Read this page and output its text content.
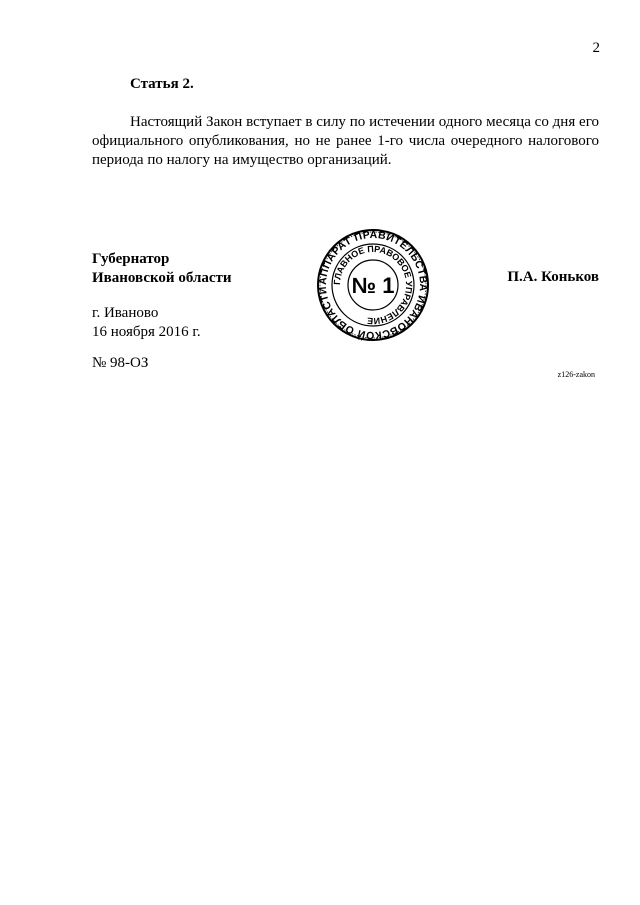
2
Статья 2.
Настоящий Закон вступает в силу по истечении одного месяца со дня его официального опубликования, но не ранее 1-го числа очередного налогового периода по налогу на имущество организаций.
Губернатор
Ивановской области	АППАРАТ ПРАВИТЕЛЬСТВА ИВАНОВСКОЙ ОБЛАСТИ
ГЛАВНОЕ ПРАВОВОЕ УПРАВЛЕНИЕ
№ 1	П.А. Коньков
г. Иваново
16 ноября 2016 г.
№ 98-ОЗ
z126-zakon
